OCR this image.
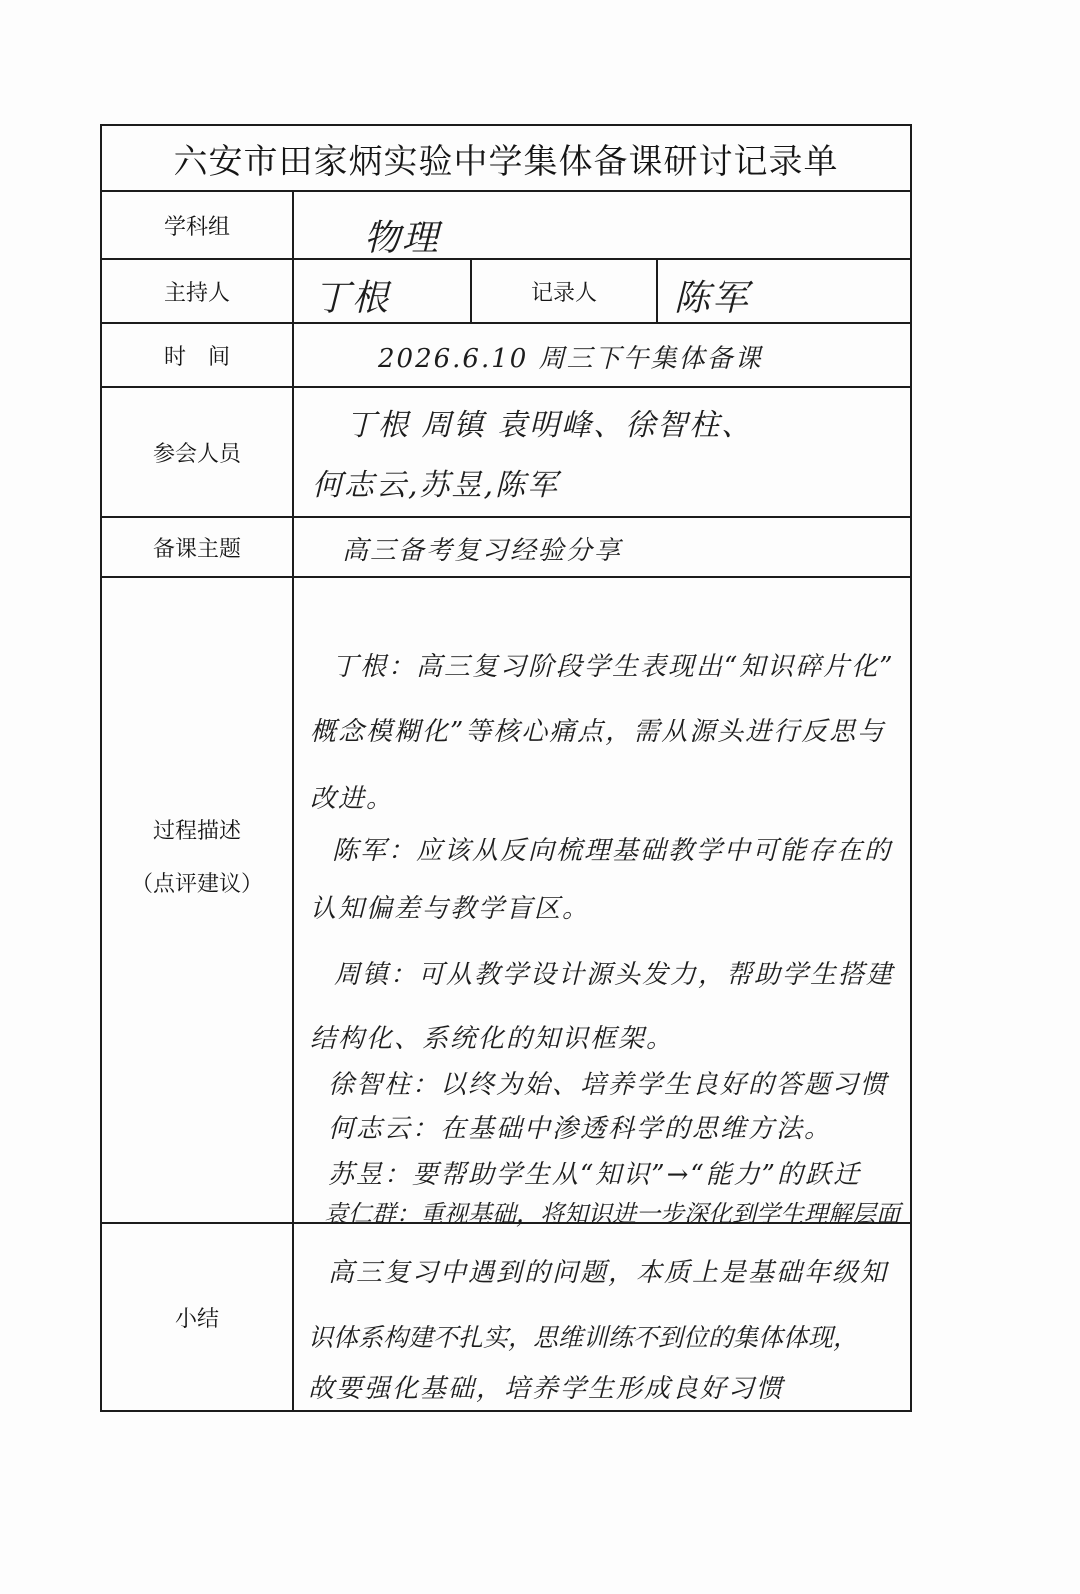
六安市田家炳实验中学集体备课研讨记录单
学科组
主持人	记录人
时　间
参会人员
备课主题
过程描述
（点评建议）
小结
物理
丁根	陈军
2026.6.10 周三下午集体备课
丁根 周镇 袁明峰、徐智柱、
何志云,苏昱,陈军
高三备考复习经验分享
丁根：高三复习阶段学生表现出“知识碎片化”
概念模糊化”等核心痛点，需从源头进行反思与
改进。
陈军：应该从反向梳理基础教学中可能存在的
认知偏差与教学盲区。
周镇：可从教学设计源头发力，帮助学生搭建
结构化、系统化的知识框架。
徐智柱：以终为始、培养学生良好的答题习惯
何志云：在基础中渗透科学的思维方法。
苏昱：要帮助学生从“知识”→“能力”的跃迁
袁仁群：重视基础，将知识进一步深化到学生理解层面
高三复习中遇到的问题，本质上是基础年级知
识体系构建不扎实，思维训练不到位的集体体现，
故要强化基础，培养学生形成良好习惯
